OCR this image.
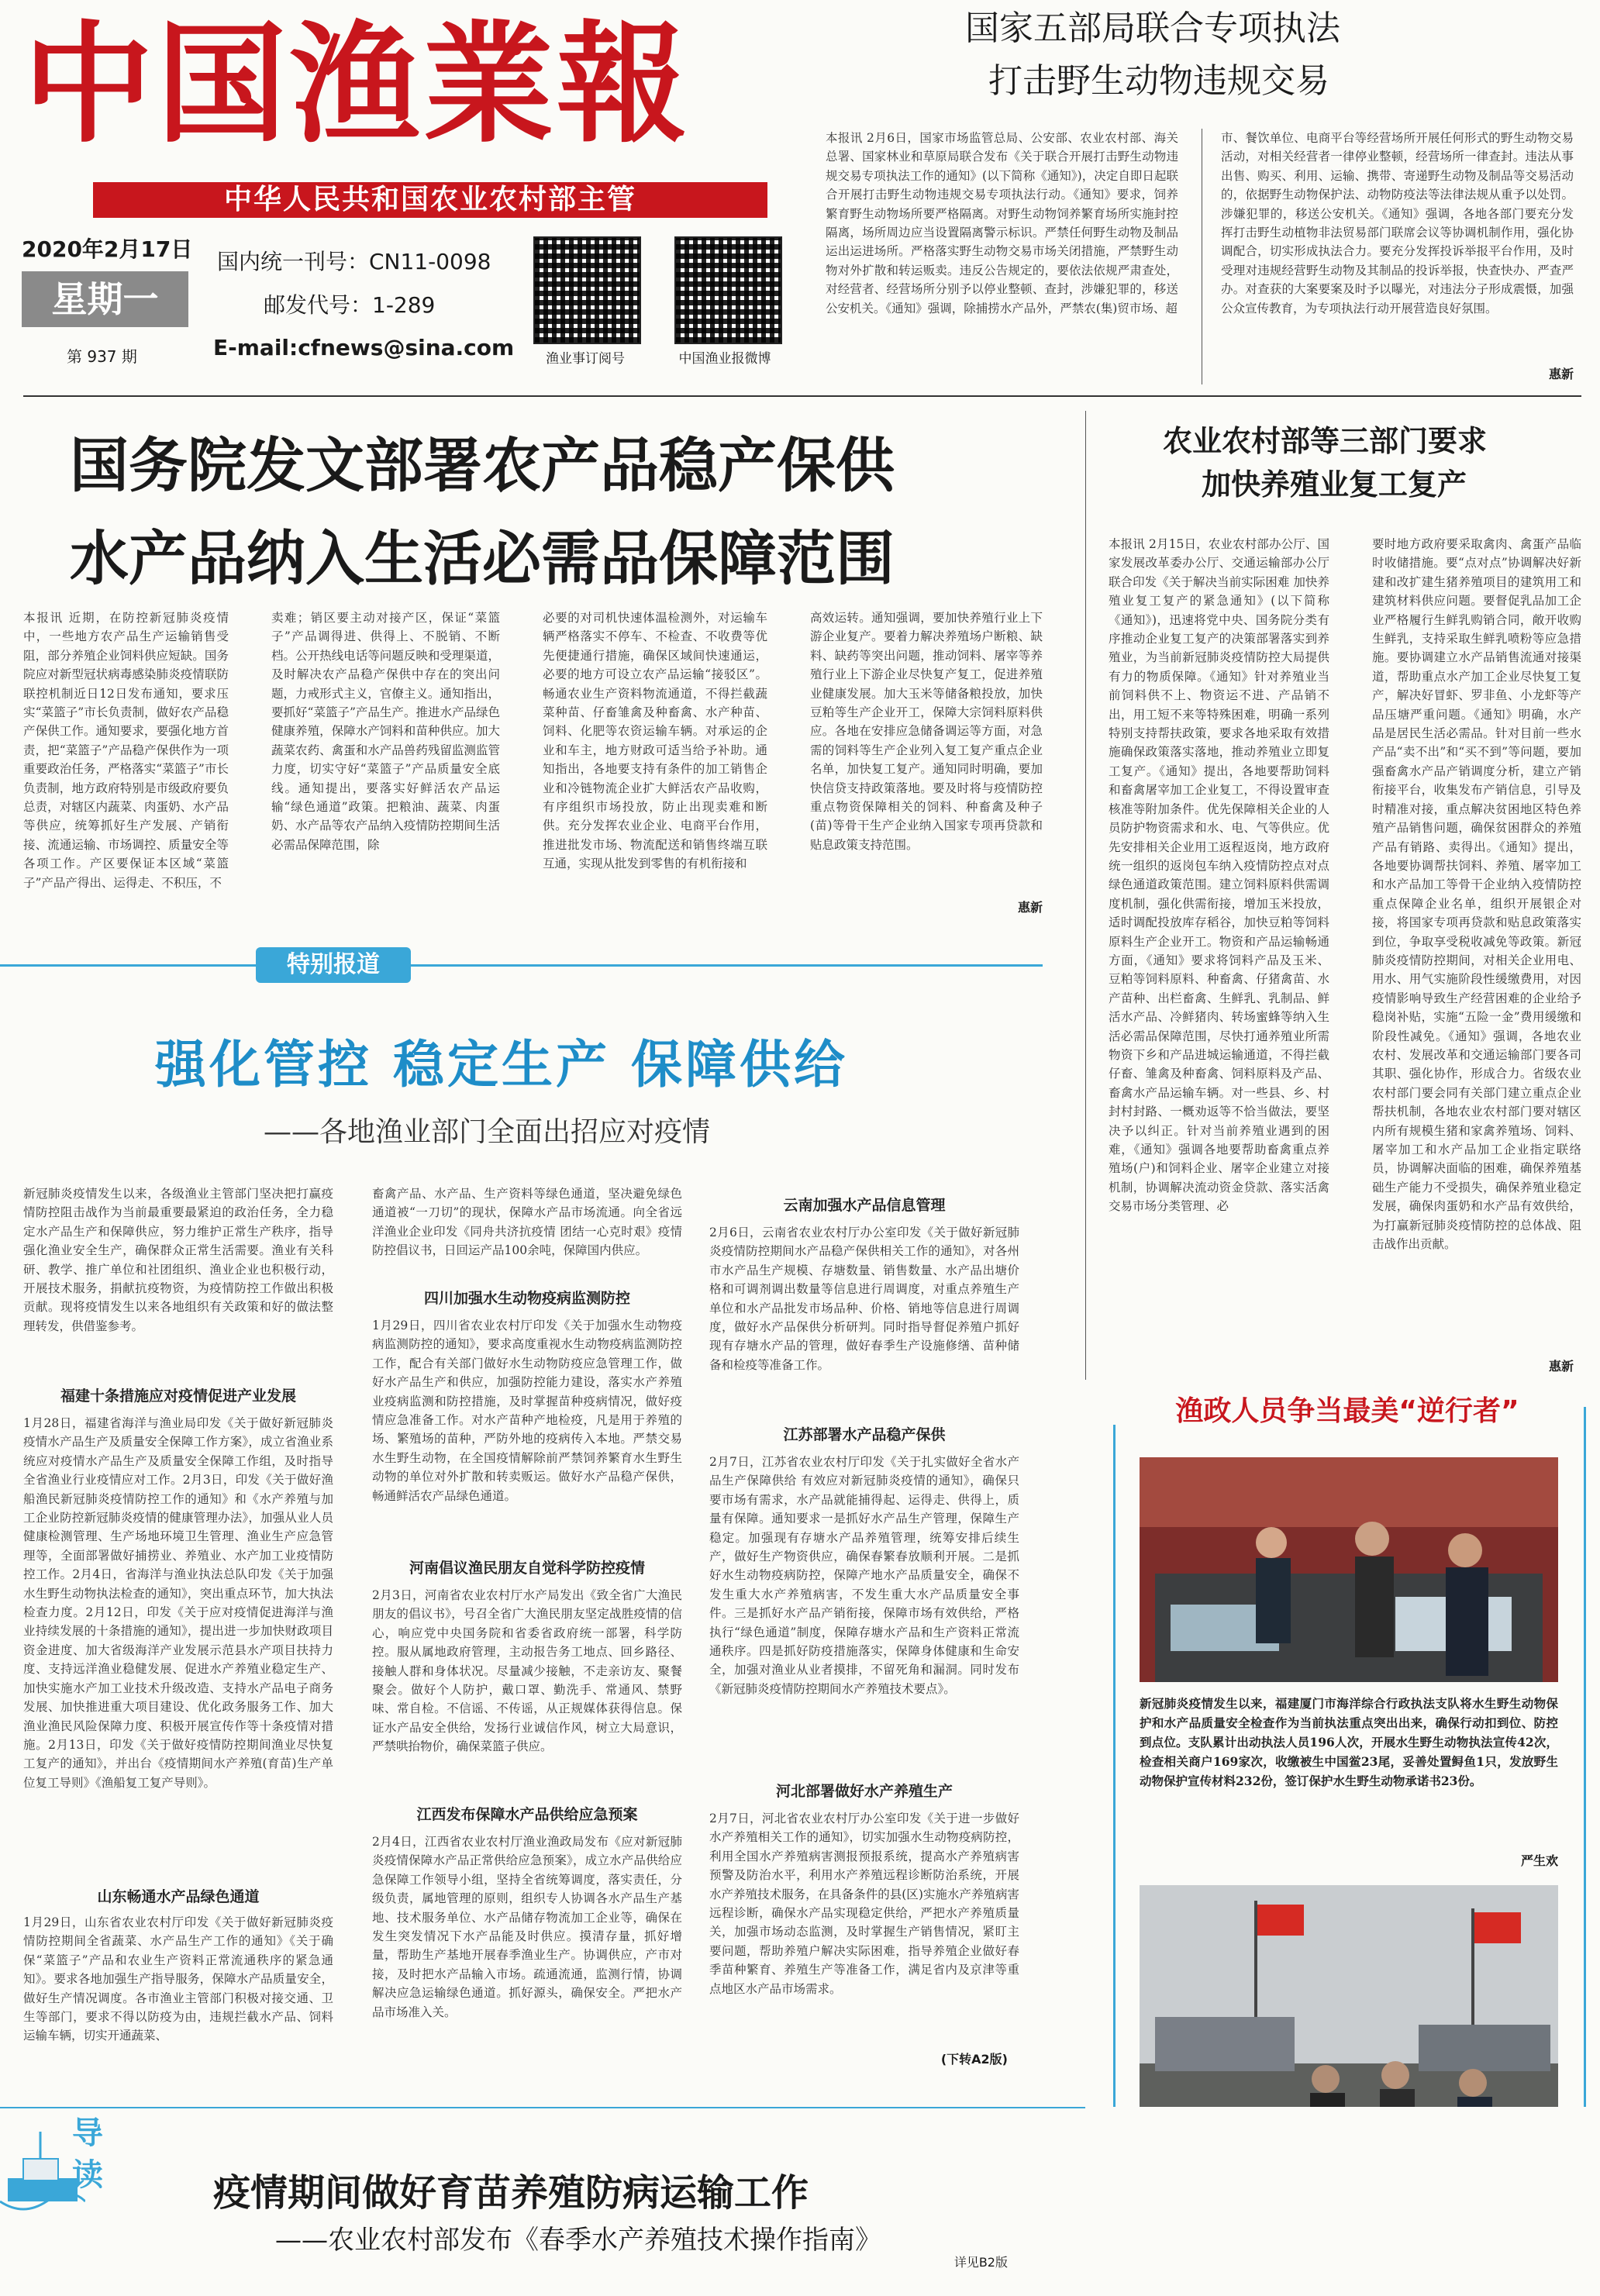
中国渔業報
中华人民共和国农业农村部主管
2020年2月17日
星期一
第 937 期
国内统一刊号：CN11-0098
邮发代号：1-289
E-mail:cfnews@sina.com	渔业事订阅号	中国渔业报微博
国家五部局联合专项执法
打击野生动物违规交易
本报讯 2月6日，国家市场监管总局、公安部、农业农村部、海关总署、国家林业和草原局联合发布《关于联合开展打击野生动物违规交易专项执法工作的通知》(以下简称《通知》)，决定自即日起联合开展打击野生动物违规交易专项执法行动。《通知》要求，饲养繁育野生动物场所要严格隔离。对野生动物饲养繁育场所实施封控隔离，场所周边应当设置隔离警示标识。严禁任何野生动物及制品运出运进场所。严格落实野生动物交易市场关闭措施，严禁野生动物对外扩散和转运贩卖。违反公告规定的，要依法依规严肃查处，对经营者、经营场所分别予以停业整顿、查封，涉嫌犯罪的，移送公安机关。《通知》强调，除捕捞水产品外，严禁农(集)贸市场、超
市、餐饮单位、电商平台等经营场所开展任何形式的野生动物交易活动，对相关经营者一律停业整顿，经营场所一律查封。违法从事出售、购买、利用、运输、携带、寄递野生动物及制品等交易活动的，依据野生动物保护法、动物防疫法等法律法规从重予以处罚。涉嫌犯罪的，移送公安机关。《通知》强调，各地各部门要充分发挥打击野生动植物非法贸易部门联席会议等协调机制作用，强化协调配合，切实形成执法合力。要充分发挥投诉举报平台作用，及时受理对违规经营野生动物及其制品的投诉举报，快查快办、严查严办。对查获的大案要案及时予以曝光，对违法分子形成震慑，加强公众宣传教育，为专项执法行动开展营造良好氛围。
惠新
国务院发文部署农产品稳产保供
水产品纳入生活必需品保障范围
本报讯 近期，在防控新冠肺炎疫情中，一些地方农产品生产运输销售受阻，部分养殖企业饲料供应短缺。国务院应对新型冠状病毒感染肺炎疫情联防联控机制近日12日发布通知，要求压实“菜篮子”市长负责制，做好农产品稳产保供工作。通知要求，要强化地方首责，把“菜篮子”产品稳产保供作为一项重要政治任务，严格落实“菜篮子”市长负责制，地方政府特别是市级政府要负总责，对辖区内蔬菜、肉蛋奶、水产品等供应，统筹抓好生产发展、产销衔接、流通运输、市场调控、质量安全等各项工作。产区要保证本区域“菜篮子”产品产得出、运得走、不积压，不
卖难；销区要主动对接产区，保证“菜篮子”产品调得进、供得上、不脱销、不断档。公开热线电话等问题反映和受理渠道，及时解决农产品稳产保供中存在的突出问题，力戒形式主义，官僚主义。通知指出，要抓好“菜篮子”产品生产。推进水产品绿色健康养殖，保障水产饲料和苗种供应。加大蔬菜农药、禽蛋和水产品兽药残留监测监管力度，切实守好“菜篮子”产品质量安全底线。通知提出，要落实好鲜活农产品运输“绿色通道”政策。把粮油、蔬菜、肉蛋奶、水产品等农产品纳入疫情防控期间生活必需品保障范围，除
必要的对司机快速体温检测外，对运输车辆严格落实不停车、不检查、不收费等优先便捷通行措施，确保区域间快速通运，必要的地方可设立农产品运输“接驳区”。畅通农业生产资料物流通道，不得拦截蔬菜种苗、仔畜雏禽及种畜禽、水产种苗、饲料、化肥等农资运输车辆。对承运的企业和车主，地方财政可适当给予补助。通知指出，各地要支持有条件的加工销售企业和冷链物流企业扩大鲜活农产品收购，有序组织市场投放，防止出现卖难和断供。充分发挥农业企业、电商平台作用，推进批发市场、物流配送和销售终端互联互通，实现从批发到零售的有机衔接和
高效运转。通知强调，要加快养殖行业上下游企业复产。要着力解决养殖场户断粮、缺料、缺药等突出问题，推动饲料、屠宰等养殖行业上下游企业尽快复产复工，促进养殖业健康发展。加大玉米等储备粮投放，加快豆粕等生产企业开工，保障大宗饲料原料供应。各地在安排应急储备调运等方面，对急需的饲料等生产企业列入复工复产重点企业名单，加快复工复产。通知同时明确，要加快信贷支持政策落地。要及时将与疫情防控重点物资保障相关的饲料、种畜禽及种子(苗)等骨干生产企业纳入国家专项再贷款和贴息政策支持范围。
惠新
农业农村部等三部门要求
加快养殖业复工复产
本报讯 2月15日，农业农村部办公厅、国家发展改革委办公厅、交通运输部办公厅联合印发《关于解决当前实际困难 加快养殖业复工复产的紧急通知》(以下简称《通知》)，迅速将党中央、国务院分类有序推动企业复工复产的决策部署落实到养殖业，为当前新冠肺炎疫情防控大局提供有力的物质保障。《通知》针对养殖业当前饲料供不上、物资运不进、产品销不出，用工短不来等特殊困难，明确一系列特别支持帮扶政策，要求各地采取有效措施确保政策落实落地，推动养殖业立即复工复产。《通知》提出，各地要帮助饲料和畜禽屠宰加工企业复工，不得设置审查核准等附加条件。优先保障相关企业的人员防护物资需求和水、电、气等供应。优先安排相关企业用工返程返岗，地方政府统一组织的返岗包车纳入疫情防控点对点绿色通道政策范围。建立饲料原料供需调度机制，强化供需衔接，增加玉米投放，适时调配投放库存稻谷，加快豆粕等饲料原料生产企业开工。物资和产品运输畅通方面，《通知》要求将饲料产品及玉米、豆粕等饲料原料、种畜禽、仔猪禽苗、水产苗种、出栏畜禽、生鲜乳、乳制品、鲜活水产品、冷鲜猪肉、转场蜜蜂等纳入生活必需品保障范围，尽快打通养殖业所需物资下乡和产品进城运输通道，不得拦截仔畜、雏禽及种畜禽、饲料原料及产品、畜禽水产品运输车辆。对一些县、乡、村封村封路、一概劝返等不恰当做法，要坚决予以纠正。针对当前养殖业遇到的困难，《通知》强调各地要帮助畜禽重点养殖场(户)和饲料企业、屠宰企业建立对接机制，协调解决流动资金贷款、落实活禽交易市场分类管理、必
要时地方政府要采取禽肉、禽蛋产品临时收储措施。要“点对点”协调解决好新建和改扩建生猪养殖项目的建筑用工和建筑材料供应问题。要督促乳品加工企业严格履行生鲜乳购销合同，敞开收购生鲜乳，支持采取生鲜乳喷粉等应急措施。要协调建立水产品销售流通对接渠道，帮助重点水产加工企业尽快复工复产，解决好冒虾、罗非鱼、小龙虾等产品压塘严重问题。《通知》明确，水产品是居民生活必需品。针对目前一些水产品“卖不出”和“买不到”等问题，要加强畜禽水产品产销调度分析，建立产销衔接平台，收集发布产销信息，引导及时精准对接，重点解决贫困地区特色养殖产品销售问题，确保贫困群众的养殖产品有销路、卖得出。《通知》提出，各地要协调帮扶饲料、养殖、屠宰加工和水产品加工等骨干企业纳入疫情防控重点保障企业名单，组织开展银企对接，将国家专项再贷款和贴息政策落实到位，争取享受税收减免等政策。新冠肺炎疫情防控期间，对相关企业用电、用水、用气实施阶段性缓缴费用，对因疫情影响导致生产经营困难的企业给予稳岗补贴，实施“五险一金”费用缓缴和阶段性减免。《通知》强调，各地农业农村、发展改革和交通运输部门要各司其职、强化协作，形成合力。省级农业农村部门要会同有关部门建立重点企业帮扶机制，各地农业农村部门要对辖区内所有规模生猪和家禽养殖场、饲料、屠宰加工和水产品加工企业指定联络员，协调解决面临的困难，确保养殖基础生产能力不受损失，确保养殖业稳定发展，确保肉蛋奶和水产品有效供给，为打赢新冠肺炎疫情防控的总体战、阻击战作出贡献。
惠新
特别报道
强化管控 稳定生产 保障供给
——各地渔业部门全面出招应对疫情
新冠肺炎疫情发生以来，各级渔业主管部门坚决把打赢疫情防控阻击战作为当前最重要最紧迫的政治任务，全力稳定水产品生产和保障供应，努力维护正常生产秩序，指导强化渔业安全生产，确保群众正常生活需要。渔业有关科研、教学、推广单位和社团组织、渔业企业也积极行动，开展技术服务，捐献抗疫物资，为疫情防控工作做出积极贡献。现将疫情发生以来各地组织有关政策和好的做法整理转发，供借鉴参考。
福建十条措施应对疫情促进产业发展
1月28日，福建省海洋与渔业局印发《关于做好新冠肺炎疫情水产品生产及质量安全保障工作方案》，成立省渔业系统应对疫情水产品生产及质量安全保障工作组，及时指导全省渔业行业疫情应对工作。2月3日，印发《关于做好渔船渔民新冠肺炎疫情防控工作的通知》和《水产养殖与加工企业防控新冠肺炎疫情的健康管理办法》，加强从业人员健康检测管理、生产场地环境卫生管理、渔业生产应急管理等，全面部署做好捕捞业、养殖业、水产加工业疫情防控工作。2月4日，省海洋与渔业执法总队印发《关于加强水生野生动物执法检查的通知》，突出重点环节，加大执法检查力度。2月12日，印发《关于应对疫情促进海洋与渔业持续发展的十条措施的通知》，提出进一步加快财政项目资金进度、加大省级海洋产业发展示范县水产项目扶持力度、支持远洋渔业稳健发展、促进水产养殖业稳定生产、加快实施水产加工业技术升级改造、支持水产品电子商务发展、加快推进重大项目建设、优化政务服务工作、加大渔业渔民风险保障力度、积极开展宣传作等十条疫情对措施。2月13日，印发《关于做好疫情防控期间渔业尽快复工复产的通知》，并出台《疫情期间水产养殖(育苗)生产单位复工导则》《渔船复工复产导则》。
山东畅通水产品绿色通道
1月29日，山东省农业农村厅印发《关于做好新冠肺炎疫情防控期间全省蔬菜、水产品生产工作的通知》《关于确保“菜篮子”产品和农业生产资料正常流通秩序的紧急通知》。要求各地加强生产指导服务，保障水产品质量安全，做好生产情况调度。各市渔业主管部门积极对接交通、卫生等部门，要求不得以防疫为由，违规拦截水产品、饲料运输车辆，切实开通蔬菜、
畜禽产品、水产品、生产资料等绿色通道，坚决避免绿色通道被“一刀切”的现状，保障水产品市场流通。向全省远洋渔业企业印发《同舟共济抗疫情 团结一心克时艰》疫情防控倡议书，日回运产品100余吨，保障国内供应。
四川加强水生动物疫病监测防控
1月29日，四川省农业农村厅印发《关于加强水生动物疫病监测防控的通知》，要求高度重视水生动物疫病监测防控工作，配合有关部门做好水生动物防疫应急管理工作，做好水产品生产和供应，加强防控能力建设，落实水产养殖业疫病监测和防控措施，及时掌握苗种疫病情况，做好疫情应急准备工作。对水产苗种产地检疫，凡是用于养殖的场、繁殖场的苗种，严防外地的疫病传入本地。严禁交易水生野生动物，在全国疫情解除前严禁饲养繁育水生野生动物的单位对外扩散和转卖贩运。做好水产品稳产保供，畅通鲜活农产品绿色通道。
河南倡议渔民朋友自觉科学防控疫情
2月3日，河南省农业农村厅水产局发出《致全省广大渔民朋友的倡议书》，号召全省广大渔民朋友坚定战胜疫情的信心，响应党中央国务院和省委省政府统一部署，科学防控。服从属地政府管理，主动报告务工地点、回乡路径、接触人群和身体状况。尽量减少接触，不走亲访友、聚餐聚会。做好个人防护，戴口罩、勤洗手、常通风、禁野味、常自检。不信谣、不传谣，从正规媒体获得信息。保证水产品安全供给，发扬行业诚信作风，树立大局意识，严禁哄抬物价，确保菜篮子供应。
江西发布保障水产品供给应急预案
2月4日，江西省农业农村厅渔业渔政局发布《应对新冠肺炎疫情保障水产品正常供给应急预案》，成立水产品供给应急保障工作领导小组，坚持全省统筹调度，落实责任，分级负责，属地管理的原则，组织专人协调各水产品生产基地、技术服务单位、水产品储存物流加工企业等，确保在发生突发情况下水产品能及时供应。摸清存量，抓好增量，帮助生产基地开展春季渔业生产。协调供应，产市对接，及时把水产品输入市场。疏通流通，监测行情，协调解决应急运输绿色通道。抓好源头，确保安全。严把水产品市场准入关。
云南加强水产品信息管理
2月6日，云南省农业农村厅办公室印发《关于做好新冠肺炎疫情防控期间水产品稳产保供相关工作的通知》，对各州市水产品生产规模、存塘数量、销售数量、水产品出塘价格和可调剂调出数量等信息进行周调度，对重点养殖生产单位和水产品批发市场品种、价格、销地等信息进行周调度，做好水产品保供分析研判。同时指导督促养殖户抓好现有存塘水产品的管理，做好春季生产设施修缮、苗种储备和检疫等准备工作。
江苏部署水产品稳产保供
2月7日，江苏省农业农村厅印发《关于扎实做好全省水产品生产保障供给 有效应对新冠肺炎疫情的通知》，确保只要市场有需求，水产品就能捕得起、运得走、供得上，质量有保障。通知要求一是抓好水产品生产管理，保障生产稳定。加强现有存塘水产品养殖管理，统筹安排后续生产，做好生产物资供应，确保春繁春放顺利开展。二是抓好水生动物疫病防控，保障产地水产品质量安全，确保不发生重大水产养殖病害，不发生重大水产品质量安全事件。三是抓好水产品产销衔接，保障市场有效供给，严格执行“绿色通道”制度，保障存塘水产品和生产资料正常流通秩序。四是抓好防疫措施落实，保障身体健康和生命安全，加强对渔业从业者摸排，不留死角和漏洞。同时发布《新冠肺炎疫情防控期间水产养殖技术要点》。
河北部署做好水产养殖生产
2月7日，河北省农业农村厅办公室印发《关于进一步做好水产养殖相关工作的通知》，切实加强水生动物疫病防控，利用全国水产养殖病害测报预报系统，提高水产养殖病害预警及防治水平，利用水产养殖远程诊断防治系统，开展水产养殖技术服务，在具备条件的县(区)实施水产养殖病害远程诊断，确保水产品实现稳定供给，严把水产养殖质量关，加强市场动态监测，及时掌握生产销售情况，紧盯主要问题，帮助养殖户解决实际困难，指导养殖企业做好春季苗种繁育、养殖生产等准备工作，满足省内及京津等重点地区水产品市场需求。
(下转A2版)
渔政人员争当最美“逆行者”
新冠肺炎疫情发生以来，福建厦门市海洋综合行政执法支队将水生野生动物保护和水产品质量安全检查作为当前执法重点突出出来，确保行动扣到位、防控到点位。支队累计出动执法人员196人次，开展水生野生动物执法宣传42次，检查相关商户169家次，收缴被生中国鲎23尾，妥善处置鲟鱼1只，发放野生动物保护宣传材料232份，签订保护水生野生动物承诺书23份。
严生欢
导读	疫情期间做好育苗养殖防病运输工作
——农业农村部发布《春季水产养殖技术操作指南》
详见B2版
